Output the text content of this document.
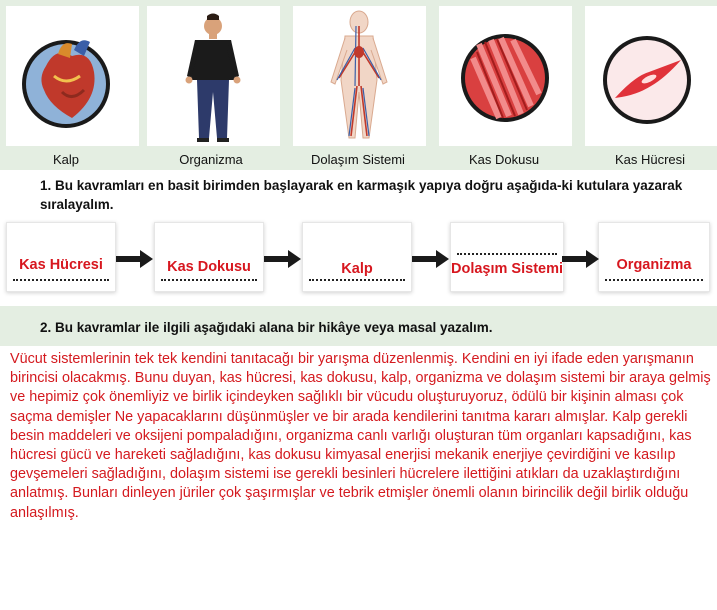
Kalp	Organizma	Dolaşım Sistemi	Kas Dokusu	Kas Hücresi
1. Bu kavramları en basit birimden başlayarak en karmaşık yapıya doğru aşağıda-ki kutulara yazarak sıralayalım.
Kas Hücresi	Kas Dokusu	Kalp	Dolaşım Sistemi	Organizma
2. Bu kavramlar ile ilgili aşağıdaki alana bir hikâye veya masal yazalım.
Vücut sistemlerinin tek tek kendini tanıtacağı bir yarışma düzenlenmiş. Kendini en iyi ifade eden yarışmanın birincisi olacakmış. Bunu duyan, kas hücresi, kas dokusu, kalp, organizma ve dolaşım sistemi bir araya gelmiş ve hepimiz çok önemliyiz ve birlik içindeyken sağlıklı bir vücudu oluşturuyoruz, ödülü bir kişinin alması çok saçma demişler Ne yapacaklarını düşünmüşler ve bir arada kendilerini tanıtma kararı almışlar. Kalp gerekli besin maddeleri ve oksijeni pompaladığını, organizma canlı varlığı oluşturan tüm organları kapsadığını, kas hücresi gücü ve hareketi sağladığını, kas dokusu kimyasal enerjisi mekanik enerjiye çevirdiğini ve kasılıp gevşemeleri sağladığını, dolaşım sistemi ise gerekli besinleri hücrelere ilettiğini atıkları da uzaklaştırdığını anlatmış. Bunları dinleyen jüriler çok şaşırmışlar ve tebrik etmişler önemli olanın birincilik değil birlik olduğu anlaşılmış.
